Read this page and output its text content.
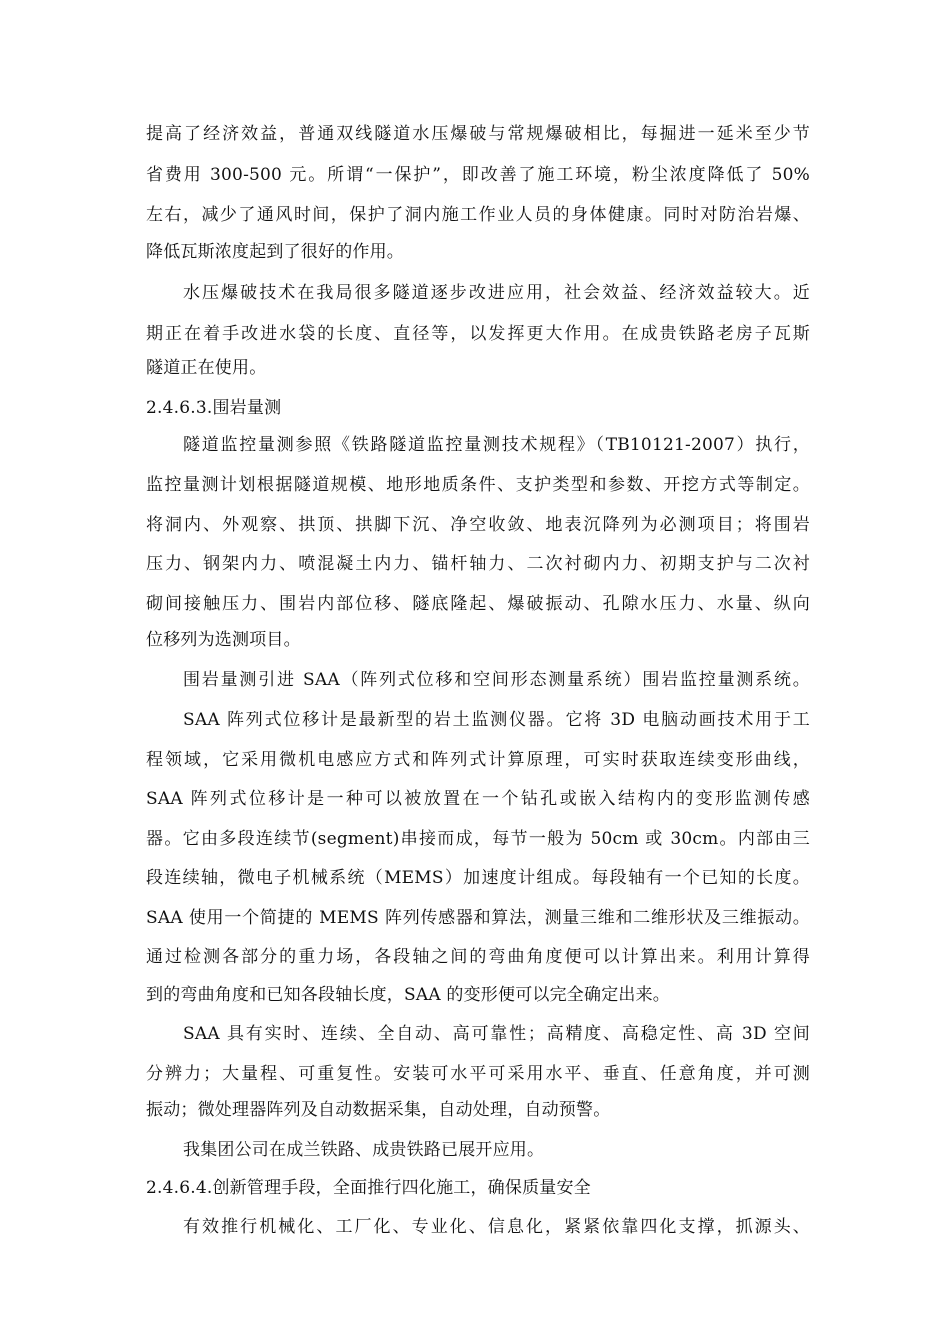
提高了经济效益，普通双线隧道水压爆破与常规爆破相比，每掘进一延米至少节
省费用 300-500 元。所谓“一保护”，即改善了施工环境，粉尘浓度降低了 50%
左右，减少了通风时间，保护了洞内施工作业人员的身体健康。同时对防治岩爆、
降低瓦斯浓度起到了很好的作用。
水压爆破技术在我局很多隧道逐步改进应用，社会效益、经济效益较大。近
期正在着手改进水袋的长度、直径等，以发挥更大作用。在成贵铁路老房子瓦斯
隧道正在使用。
2.4.6.3.围岩量测
隧道监控量测参照《铁路隧道监控量测技术规程》（TB10121-2007）执行，
监控量测计划根据隧道规模、地形地质条件、支护类型和参数、开挖方式等制定。
将洞内、外观察、拱顶、拱脚下沉、净空收敛、地表沉降列为必测项目；将围岩
压力、钢架内力、喷混凝土内力、锚杆轴力、二次衬砌内力、初期支护与二次衬
砌间接触压力、围岩内部位移、隧底隆起、爆破振动、孔隙水压力、水量、纵向
位移列为选测项目。
围岩量测引进 SAA（阵列式位移和空间形态测量系统）围岩监控量测系统。
SAA 阵列式位移计是最新型的岩土监测仪器。它将 3D 电脑动画技术用于工
程领域，它采用微机电感应方式和阵列式计算原理，可实时获取连续变形曲线，
SAA 阵列式位移计是一种可以被放置在一个钻孔或嵌入结构内的变形监测传感
器。它由多段连续节(segment)串接而成，每节一般为 50cm 或 30cm。内部由三
段连续轴，微电子机械系统（MEMS）加速度计组成。每段轴有一个已知的长度。
SAA 使用一个简捷的 MEMS 阵列传感器和算法，测量三维和二维形状及三维振动。
通过检测各部分的重力场，各段轴之间的弯曲角度便可以计算出来。利用计算得
到的弯曲角度和已知各段轴长度，SAA 的变形便可以完全确定出来。
SAA 具有实时、连续、全自动、高可靠性；高精度、高稳定性、高 3D 空间
分辨力；大量程、可重复性。安装可水平可采用水平、垂直、任意角度，并可测
振动；微处理器阵列及自动数据采集，自动处理，自动预警。
我集团公司在成兰铁路、成贵铁路已展开应用。
2.4.6.4.创新管理手段，全面推行四化施工，确保质量安全
有效推行机械化、工厂化、专业化、信息化，紧紧依靠四化支撑，抓源头、
